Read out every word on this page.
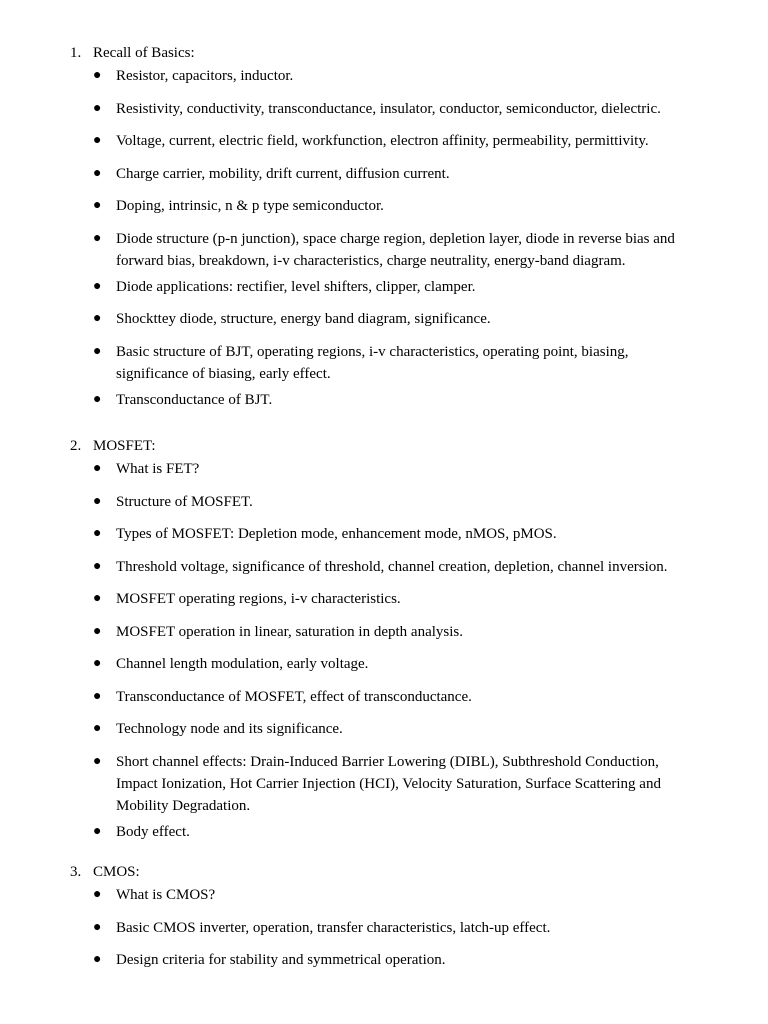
1. Recall of Basics:
● Resistor, capacitors, inductor.
● Resistivity, conductivity, transconductance, insulator, conductor, semiconductor, dielectric.
● Voltage, current, electric field, workfunction, electron affinity, permeability, permittivity.
● Charge carrier, mobility, drift current, diffusion current.
● Doping, intrinsic, n & p type semiconductor.
● Diode structure (p-n junction), space charge region, depletion layer, diode in reverse bias and forward bias, breakdown, i-v characteristics, charge neutrality, energy-band diagram.
● Diode applications: rectifier, level shifters, clipper, clamper.
● Shockttey diode, structure, energy band diagram, significance.
● Basic structure of BJT, operating regions, i-v characteristics, operating point, biasing, significance of biasing, early effect.
● Transconductance of BJT.
2. MOSFET:
● What is FET?
● Structure of MOSFET.
● Types of MOSFET: Depletion mode, enhancement mode, nMOS, pMOS.
● Threshold voltage, significance of threshold, channel creation, depletion, channel inversion.
● MOSFET operating regions, i-v characteristics.
● MOSFET operation in linear, saturation in depth analysis.
● Channel length modulation, early voltage.
● Transconductance of MOSFET, effect of transconductance.
● Technology node and its significance.
● Short channel effects: Drain-Induced Barrier Lowering (DIBL), Subthreshold Conduction, Impact Ionization, Hot Carrier Injection (HCI), Velocity Saturation, Surface Scattering and Mobility Degradation.
● Body effect.
3. CMOS:
● What is CMOS?
● Basic CMOS inverter, operation, transfer characteristics, latch-up effect.
● Design criteria for stability and symmetrical operation.
